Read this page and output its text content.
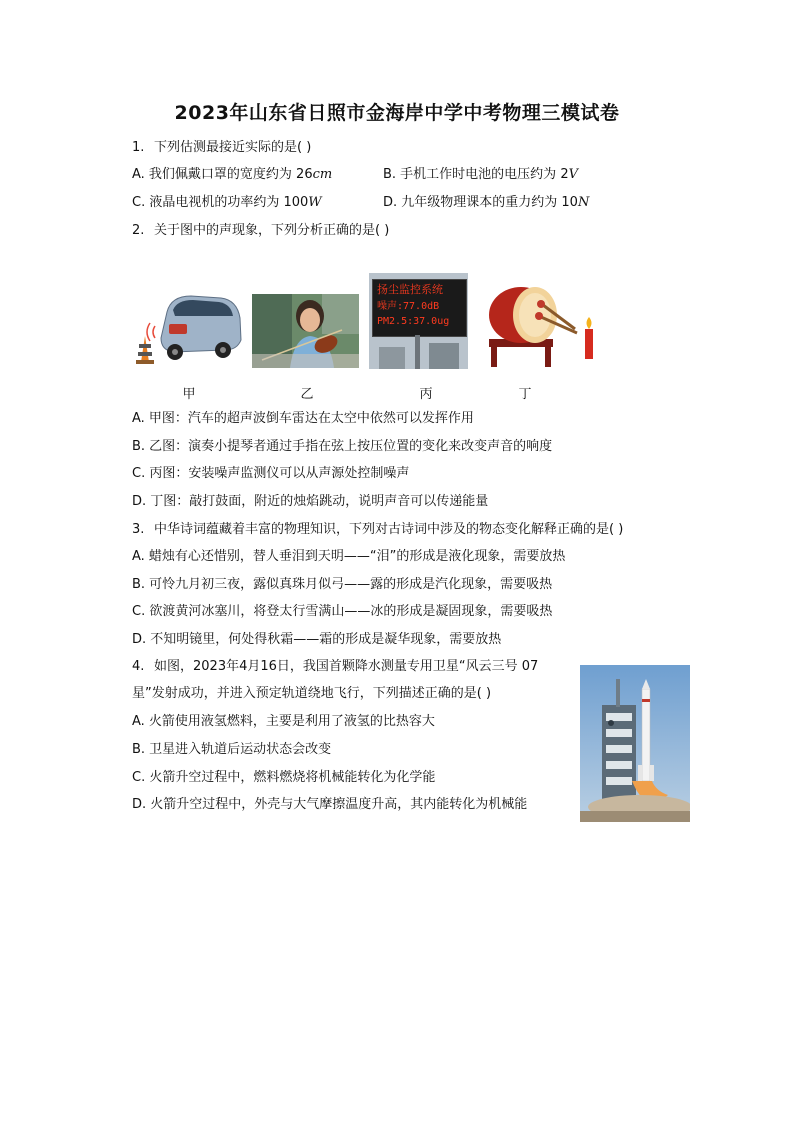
2023年山东省日照市金海岸中学中考物理三模试卷
1. 下列估测最接近实际的是( )
A. 我们佩戴口罩的宽度约为 26cm	B. 手机工作时电池的电压约为 2V
C. 液晶电视机的功率约为 100W	D. 九年级物理课本的重力约为 10N
2. 关于图中的声现象，下列分析正确的是( )
扬尘监控系统
噪声:77.0dB
PM2.5:37.0ug
甲	乙	丙	丁
A. 甲图：汽车的超声波倒车雷达在太空中依然可以发挥作用
B. 乙图：演奏小提琴者通过手指在弦上按压位置的变化来改变声音的响度
C. 丙图：安装噪声监测仪可以从声源处控制噪声
D. 丁图：敲打鼓面，附近的烛焰跳动，说明声音可以传递能量
3. 中华诗词蕴藏着丰富的物理知识，下列对古诗词中涉及的物态变化解释正确的是( )
A. 蜡烛有心还惜别，替人垂泪到天明——“泪”的形成是液化现象，需要放热
B. 可怜九月初三夜，露似真珠月似弓——露的形成是汽化现象，需要吸热
C. 欲渡黄河冰塞川，将登太行雪满山——冰的形成是凝固现象，需要吸热
D. 不知明镜里，何处得秋霜——霜的形成是凝华现象，需要放热
4. 如图，2023年4月16日，我国首颗降水测量专用卫星“风云三号 07
星”发射成功，并进入预定轨道绕地飞行，下列描述正确的是( )
A. 火箭使用液氢燃料，主要是利用了液氢的比热容大
B. 卫星进入轨道后运动状态会改变
C. 火箭升空过程中，燃料燃烧将机械能转化为化学能
D. 火箭升空过程中，外壳与大气摩擦温度升高，其内能转化为机械能
